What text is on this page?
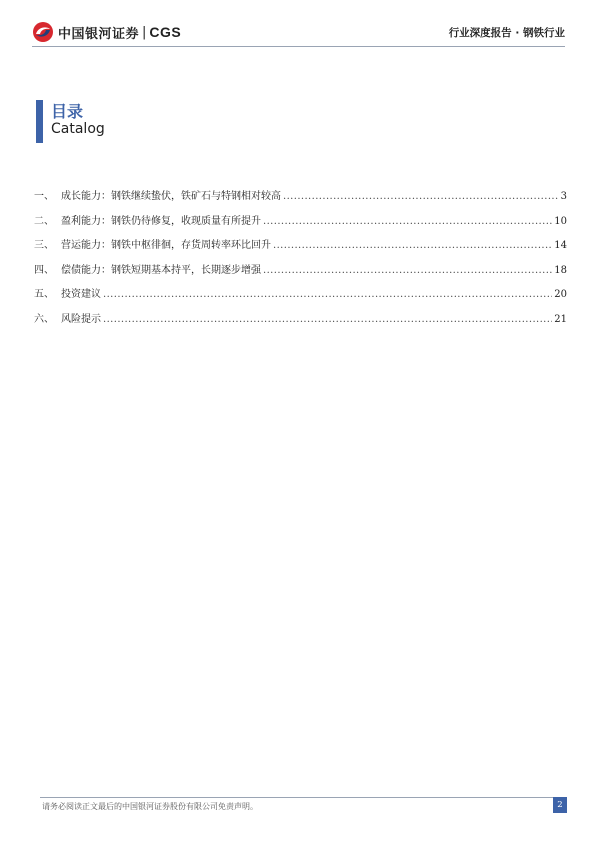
中国银河证券 | CGS	行业深度报告 · 钢铁行业
目录
Catalog
一、 成长能力：钢铁继续蛰伏，铁矿石与特钢相对较高 .....	3
二、 盈利能力：钢铁仍待修复，收现质量有所提升 .....	10
三、 营运能力：钢铁中枢徘徊，存货周转率环比回升 .....	14
四、 偿债能力：钢铁短期基本持平，长期逐步增强 .....	18
五、 投资建议 .....	20
六、 风险提示 .....	21
请务必阅读正文最后的中国银河证券股份有限公司免责声明。	2
